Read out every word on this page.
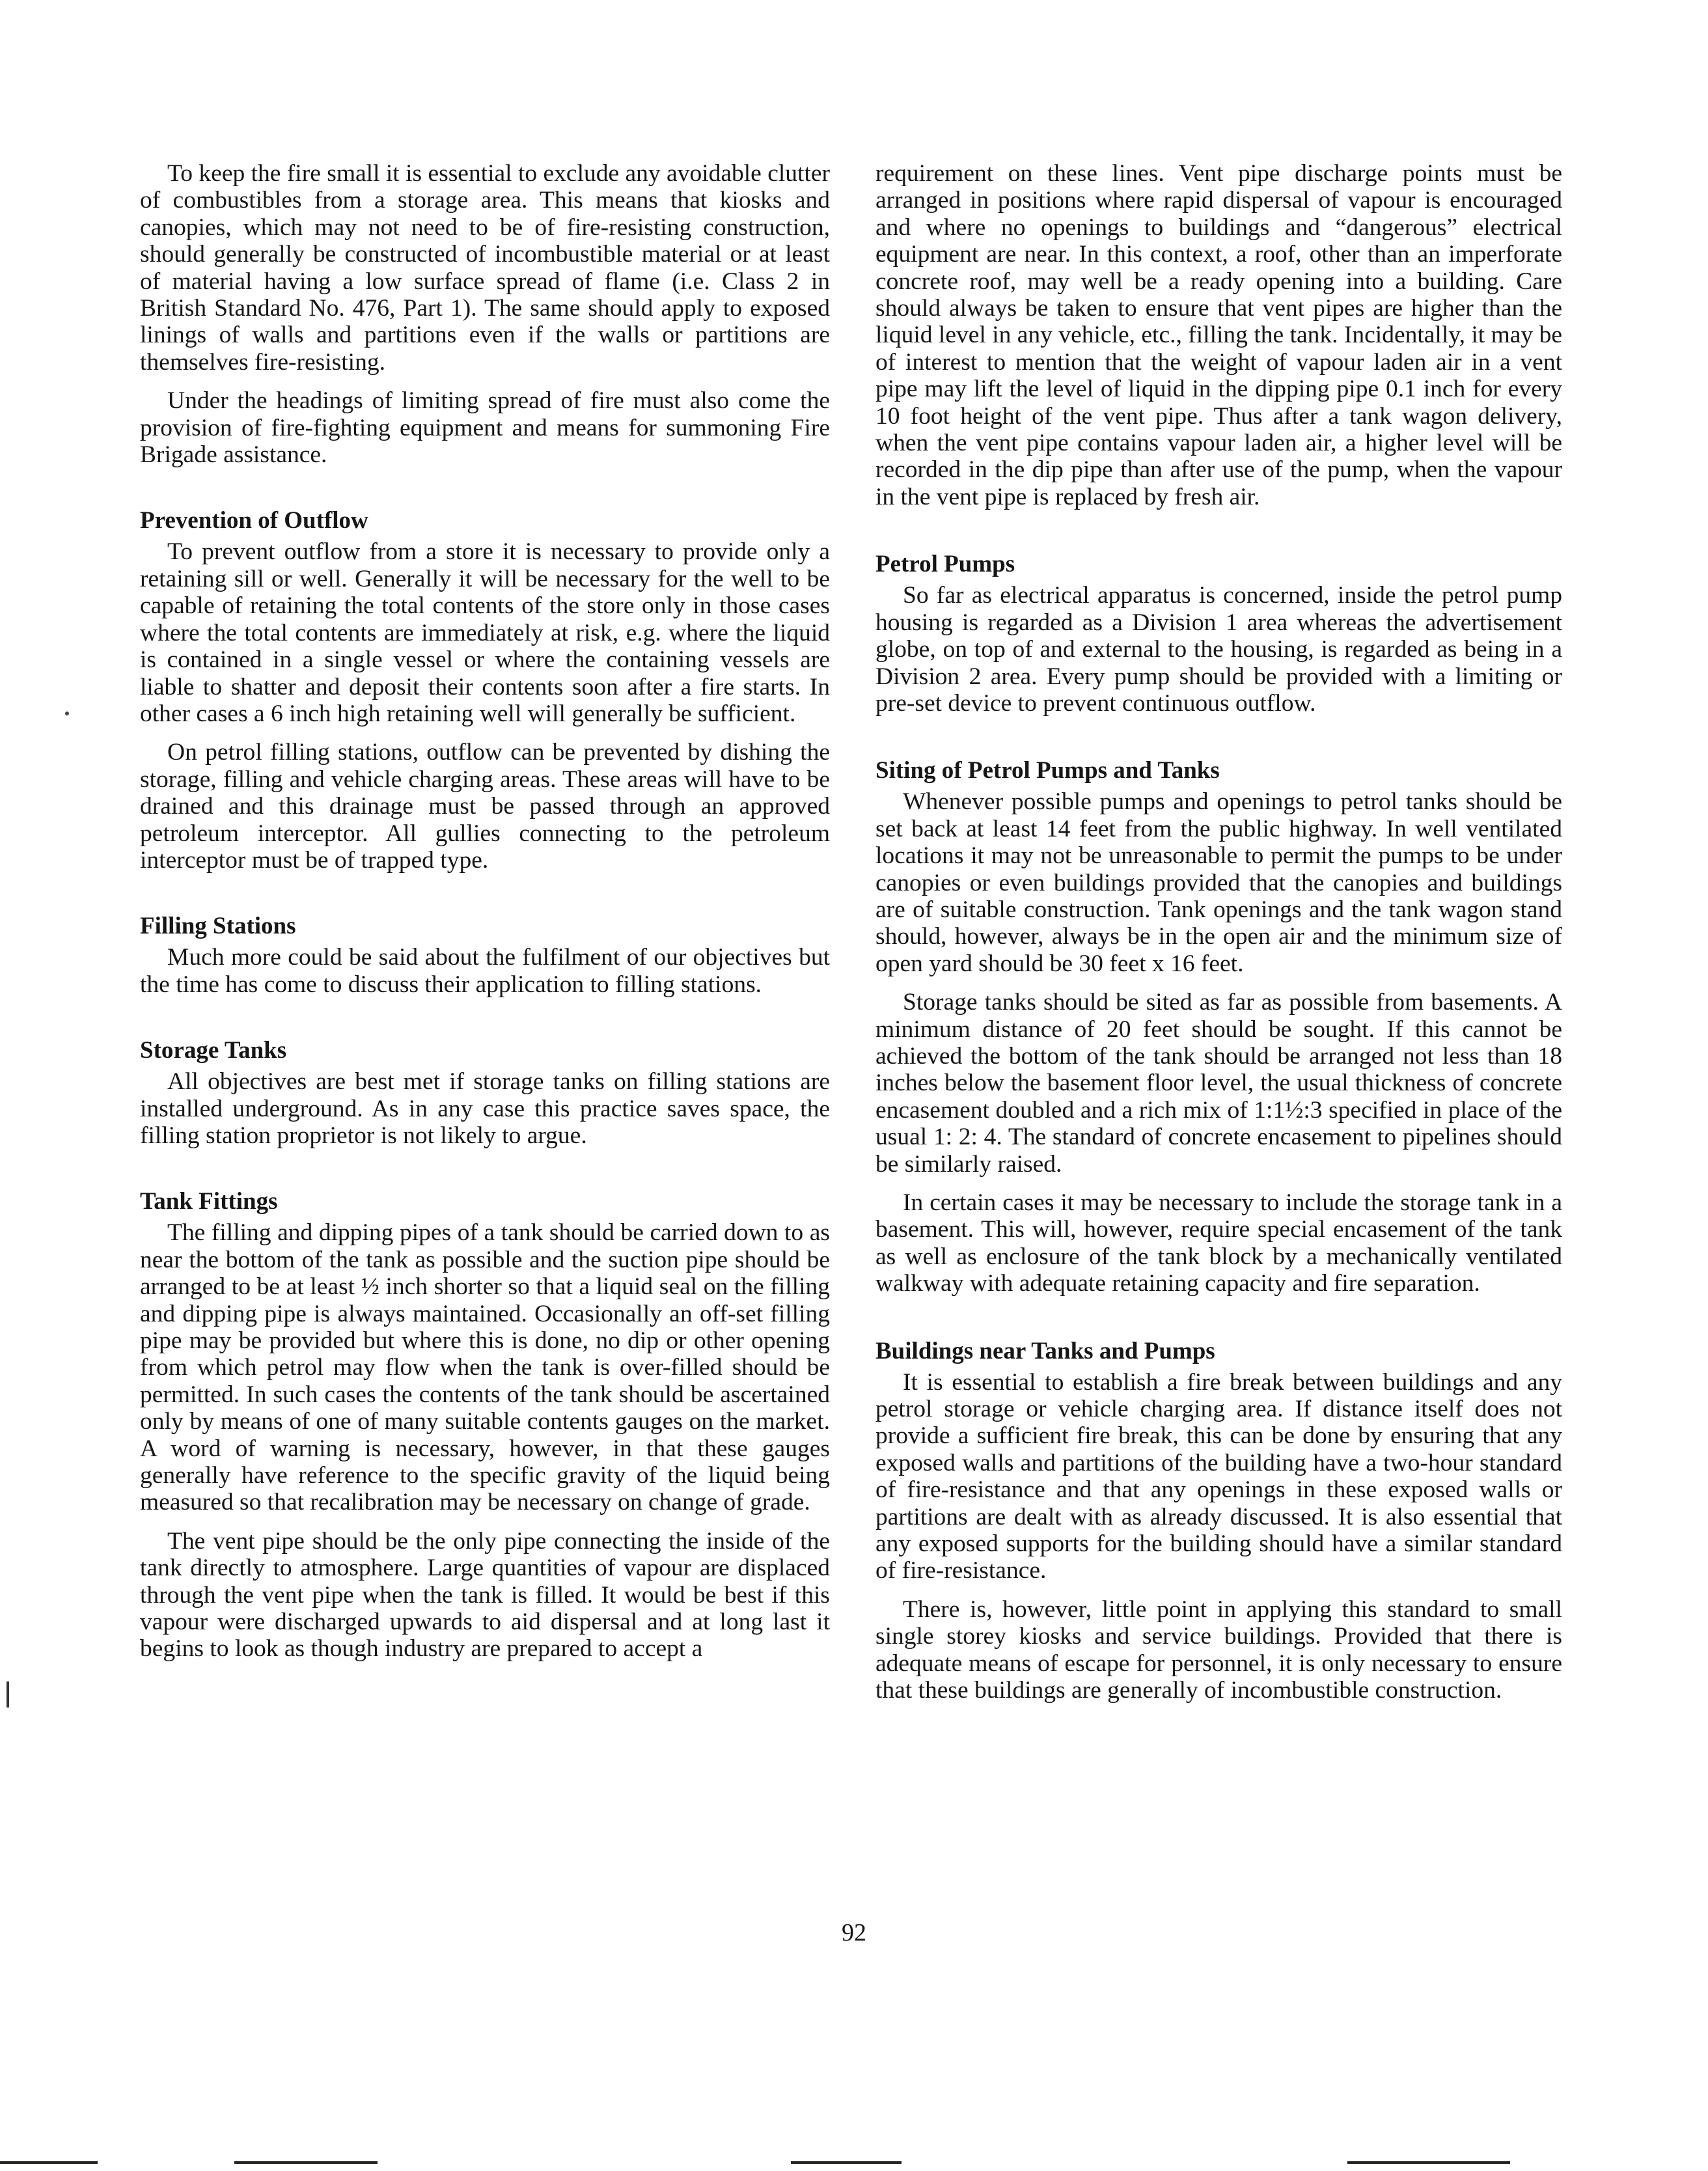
To keep the fire small it is essential to exclude any avoidable clutter of combustibles from a storage area. This means that kiosks and canopies, which may not need to be of fire-resisting construction, should generally be constructed of incombustible material or at least of material having a low surface spread of flame (i.e. Class 2 in British Standard No. 476, Part 1). The same should apply to exposed linings of walls and partitions even if the walls or partitions are themselves fire-resisting.

Under the headings of limiting spread of fire must also come the provision of fire-fighting equipment and means for summoning Fire Brigade assistance.

Prevention of Outflow

To prevent outflow from a store it is necessary to provide only a retaining sill or well. Generally it will be necessary for the well to be capable of retaining the total contents of the store only in those cases where the total contents are immediately at risk, e.g. where the liquid is contained in a single vessel or where the containing vessels are liable to shatter and deposit their contents soon after a fire starts. In other cases a 6 inch high retaining well will generally be sufficient.

On petrol filling stations, outflow can be prevented by dishing the storage, filling and vehicle charging areas. These areas will have to be drained and this drainage must be passed through an approved petroleum interceptor. All gullies connecting to the petroleum interceptor must be of trapped type.

Filling Stations

Much more could be said about the fulfilment of our objectives but the time has come to discuss their application to filling stations.

Storage Tanks

All objectives are best met if storage tanks on filling stations are installed underground. As in any case this practice saves space, the filling station proprietor is not likely to argue.

Tank Fittings

The filling and dipping pipes of a tank should be carried down to as near the bottom of the tank as possible and the suction pipe should be arranged to be at least ½ inch shorter so that a liquid seal on the filling and dipping pipe is always maintained. Occasionally an off-set filling pipe may be provided but where this is done, no dip or other opening from which petrol may flow when the tank is over-filled should be permitted. In such cases the contents of the tank should be ascertained only by means of one of many suitable contents gauges on the market. A word of warning is necessary, however, in that these gauges generally have reference to the specific gravity of the liquid being measured so that recalibration may be necessary on change of grade.

The vent pipe should be the only pipe connecting the inside of the tank directly to atmosphere. Large quantities of vapour are displaced through the vent pipe when the tank is filled. It would be best if this vapour were discharged upwards to aid dispersal and at long last it begins to look as though industry are prepared to accept a

requirement on these lines. Vent pipe discharge points must be arranged in positions where rapid dispersal of vapour is encouraged and where no openings to buildings and “dangerous” electrical equipment are near. In this context, a roof, other than an imperforate concrete roof, may well be a ready opening into a building. Care should always be taken to ensure that vent pipes are higher than the liquid level in any vehicle, etc., filling the tank. Incidentally, it may be of interest to mention that the weight of vapour laden air in a vent pipe may lift the level of liquid in the dipping pipe 0.1 inch for every 10 foot height of the vent pipe. Thus after a tank wagon delivery, when the vent pipe contains vapour laden air, a higher level will be recorded in the dip pipe than after use of the pump, when the vapour in the vent pipe is replaced by fresh air.

Petrol Pumps

So far as electrical apparatus is concerned, inside the petrol pump housing is regarded as a Division 1 area whereas the advertisement globe, on top of and external to the housing, is regarded as being in a Division 2 area. Every pump should be provided with a limiting or pre-set device to prevent continuous outflow.

Siting of Petrol Pumps and Tanks

Whenever possible pumps and openings to petrol tanks should be set back at least 14 feet from the public highway. In well ventilated locations it may not be unreasonable to permit the pumps to be under canopies or even buildings provided that the canopies and buildings are of suitable construction. Tank openings and the tank wagon stand should, however, always be in the open air and the minimum size of open yard should be 30 feet x 16 feet.

Storage tanks should be sited as far as possible from basements. A minimum distance of 20 feet should be sought. If this cannot be achieved the bottom of the tank should be arranged not less than 18 inches below the basement floor level, the usual thickness of concrete encasement doubled and a rich mix of 1:1½:3 specified in place of the usual 1: 2: 4. The standard of concrete encasement to pipelines should be similarly raised.

In certain cases it may be necessary to include the storage tank in a basement. This will, however, require special encasement of the tank as well as enclosure of the tank block by a mechanically ventilated walkway with adequate retaining capacity and fire separation.

Buildings near Tanks and Pumps

It is essential to establish a fire break between buildings and any petrol storage or vehicle charging area. If distance itself does not provide a sufficient fire break, this can be done by ensuring that any exposed walls and partitions of the building have a two-hour standard of fire-resistance and that any openings in these exposed walls or partitions are dealt with as already discussed. It is also essential that any exposed supports for the building should have a similar standard of fire-resistance.

There is, however, little point in applying this standard to small single storey kiosks and service buildings. Provided that there is adequate means of escape for personnel, it is only necessary to ensure that these buildings are generally of incombustible construction.

92
